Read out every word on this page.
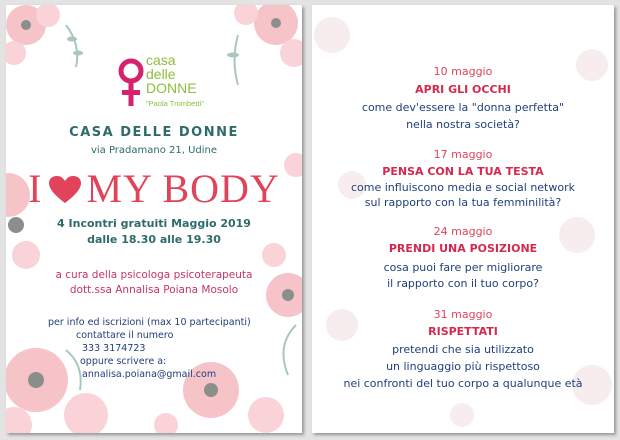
casa
delle
DONNE
"Paola Trombetti"
CASA DELLE DONNE
via Pradamano 21, Udine
I MY BODY
4 Incontri gratuiti Maggio 2019
dalle 18.30 alle 19.30
a cura della psicologa psicoterapeuta
dott.ssa Annalisa Poiana Mosolo
per info ed iscrizioni (max 10 partecipanti)
contattare il numero
333 3174723
oppure scrivere a:
annalisa.poiana@gmail.com
10 maggio
APRI GLI OCCHI
come dev'essere la "donna perfetta"
nella nostra società?
17 maggio
PENSA CON LA TUA TESTA
come influiscono media e social network
sul rapporto con la tua femminilità?
24 maggio
PRENDI UNA POSIZIONE
cosa puoi fare per migliorare
il rapporto con il tuo corpo?
31 maggio
RISPETTATI
pretendi che sia utilizzato
un linguaggio più rispettoso
nei confronti del tuo corpo a qualunque età
